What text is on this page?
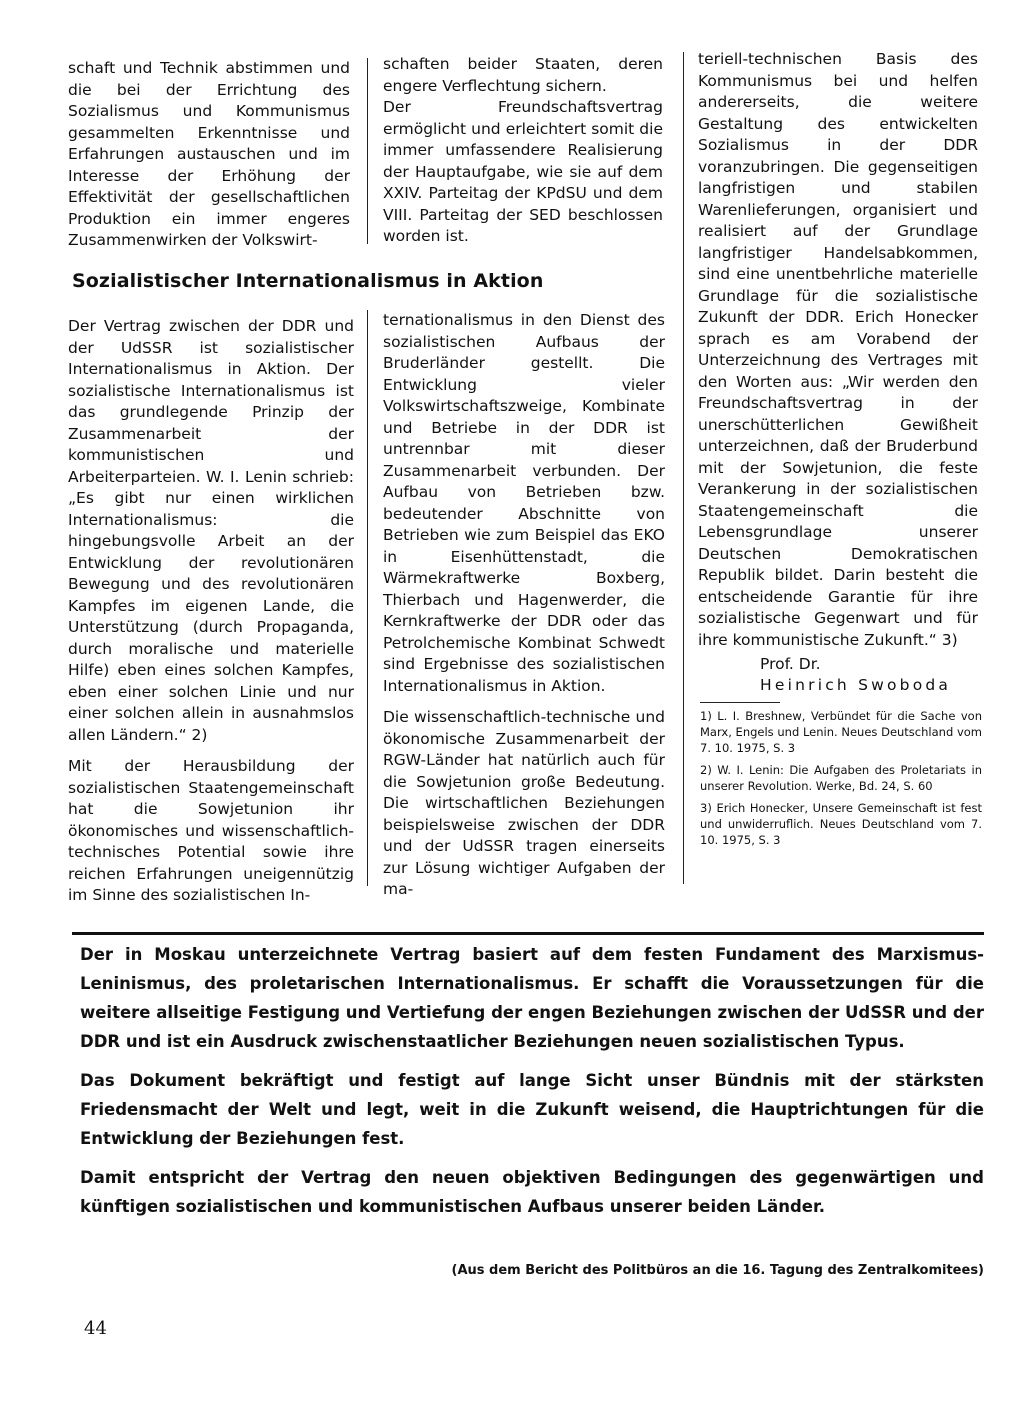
schaft und Technik abstimmen und die bei der Errichtung des Sozialismus und Kommunismus gesammelten Erkenntnisse und Erfahrungen austauschen und im Interesse der Erhöhung der Effektivität der gesellschaftlichen Produktion ein immer engeres Zusammenwirken der Volkswirt-

schaften beider Staaten, deren engere Verflechtung sichern.

Der Freundschaftsvertrag ermöglicht und erleichtert somit die immer umfassendere Realisierung der Hauptaufgabe, wie sie auf dem XXIV. Parteitag der KPdSU und dem VIII. Parteitag der SED beschlossen worden ist.

Sozialistischer Internationalismus in Aktion

Der Vertrag zwischen der DDR und der UdSSR ist sozialistischer Internationalismus in Aktion. Der sozialistische Internationalismus ist das grundlegende Prinzip der Zusammenarbeit der kommunistischen und Arbeiterparteien. W. I. Lenin schrieb: „Es gibt nur einen wirklichen Internationalismus: die hingebungsvolle Arbeit an der Entwicklung der revolutionären Bewegung und des revolutionären Kampfes im eigenen Lande, die Unterstützung (durch Propaganda, durch moralische und materielle Hilfe) eben eines solchen Kampfes, eben einer solchen Linie und nur einer solchen allein in ausnahmslos allen Ländern.“ 2)

Mit der Herausbildung der sozialistischen Staatengemeinschaft hat die Sowjetunion ihr ökonomisches und wissenschaftlich-technisches Potential sowie ihre reichen Erfahrungen uneigennützig im Sinne des sozialistischen In-

ternationalismus in den Dienst des sozialistischen Aufbaus der Bruderländer gestellt. Die Entwicklung vieler Volkswirtschaftszweige, Kombinate und Betriebe in der DDR ist untrennbar mit dieser Zusammenarbeit verbunden. Der Aufbau von Betrieben bzw. bedeutender Abschnitte von Betrieben wie zum Beispiel das EKO in Eisenhüttenstadt, die Wärmekraftwerke Boxberg, Thierbach und Hagenwerder, die Kernkraftwerke der DDR oder das Petrolchemische Kombinat Schwedt sind Ergebnisse des sozialistischen Internationalismus in Aktion.

Die wissenschaftlich-technische und ökonomische Zusammenarbeit der RGW-Länder hat natürlich auch für die Sowjetunion große Bedeutung. Die wirtschaftlichen Beziehungen beispielsweise zwischen der DDR und der UdSSR tragen einerseits zur Lösung wichtiger Aufgaben der ma-

teriell-technischen Basis des Kommunismus bei und helfen andererseits, die weitere Gestaltung des entwickelten Sozialismus in der DDR voranzubringen. Die gegenseitigen langfristigen und stabilen Warenlieferungen, organisiert und realisiert auf der Grundlage langfristiger Handelsabkommen, sind eine unentbehrliche materielle Grundlage für die sozialistische Zukunft der DDR. Erich Honecker sprach es am Vorabend der Unterzeichnung des Vertrages mit den Worten aus: „Wir werden den Freundschaftsvertrag in der unerschütterlichen Gewißheit unterzeichnen, daß der Bruderbund mit der Sowjetunion, die feste Verankerung in der sozialistischen Staatengemeinschaft die Lebensgrundlage unserer Deutschen Demokratischen Republik bildet. Darin besteht die entscheidende Garantie für ihre sozialistische Gegenwart und für ihre kommunistische Zukunft.“ 3)

Prof. Dr.
Heinrich Swoboda

1) L. I. Breshnew, Verbündet für die Sache von Marx, Engels und Lenin. Neues Deutschland vom 7. 10. 1975, S. 3

2) W. I. Lenin: Die Aufgaben des Proletariats in unserer Revolution. Werke, Bd. 24, S. 60

3) Erich Honecker, Unsere Gemeinschaft ist fest und unwiderruflich. Neues Deutschland vom 7. 10. 1975, S. 3

Der in Moskau unterzeichnete Vertrag basiert auf dem festen Fundament des Marxismus-Leninismus, des proletarischen Internationalismus. Er schafft die Voraussetzungen für die weitere allseitige Festigung und Vertiefung der engen Beziehungen zwischen der UdSSR und der DDR und ist ein Ausdruck zwischenstaatlicher Beziehungen neuen sozialistischen Typus.

Das Dokument bekräftigt und festigt auf lange Sicht unser Bündnis mit der stärksten Friedensmacht der Welt und legt, weit in die Zukunft weisend, die Hauptrichtungen für die Entwicklung der Beziehungen fest.

Damit entspricht der Vertrag den neuen objektiven Bedingungen des gegenwärtigen und künftigen sozialistischen und kommunistischen Aufbaus unserer beiden Länder.

(Aus dem Bericht des Politbüros an die 16. Tagung des Zentralkomitees)
44
